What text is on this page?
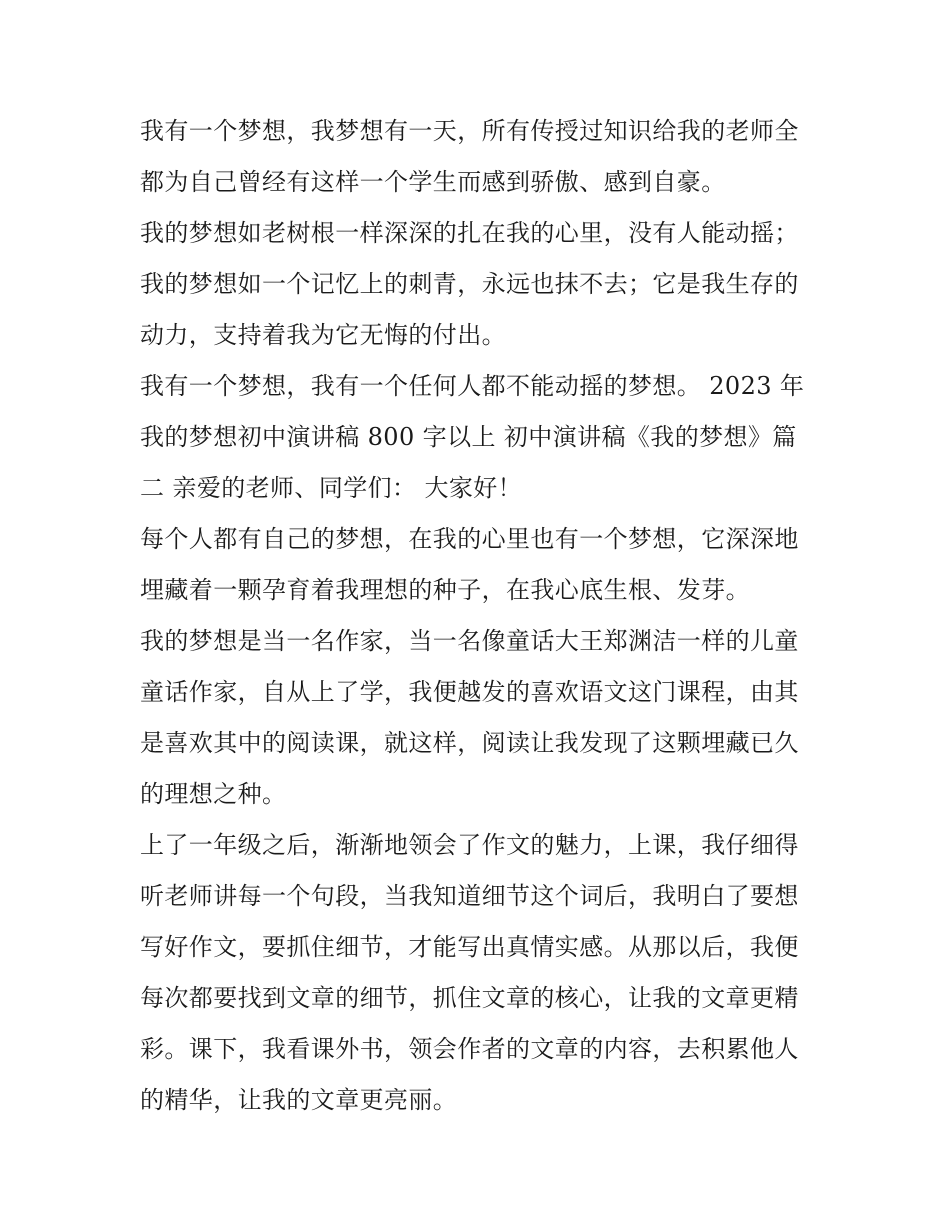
我有一个梦想，我梦想有一天，所有传授过知识给我的老师全
都为自己曾经有这样一个学生而感到骄傲、感到自豪。
我的梦想如老树根一样深深的扎在我的心里，没有人能动摇；
我的梦想如一个记忆上的刺青，永远也抹不去；它是我生存的
动力，支持着我为它无悔的付出。
我有一个梦想，我有一个任何人都不能动摇的梦想。 2023 年
我的梦想初中演讲稿 800 字以上 初中演讲稿《我的梦想》篇
二 亲爱的老师、同学们： 大家好！
每个人都有自己的梦想，在我的心里也有一个梦想，它深深地
埋藏着一颗孕育着我理想的种子，在我心底生根、发芽。
我的梦想是当一名作家，当一名像童话大王郑渊洁一样的儿童
童话作家，自从上了学，我便越发的喜欢语文这门课程，由其
是喜欢其中的阅读课，就这样，阅读让我发现了这颗埋藏已久
的理想之种。
上了一年级之后，渐渐地领会了作文的魅力，上课，我仔细得
听老师讲每一个句段，当我知道细节这个词后，我明白了要想
写好作文，要抓住细节，才能写出真情实感。从那以后，我便
每次都要找到文章的细节，抓住文章的核心，让我的文章更精
彩。课下，我看课外书，领会作者的文章的内容，去积累他人
的精华，让我的文章更亮丽。
